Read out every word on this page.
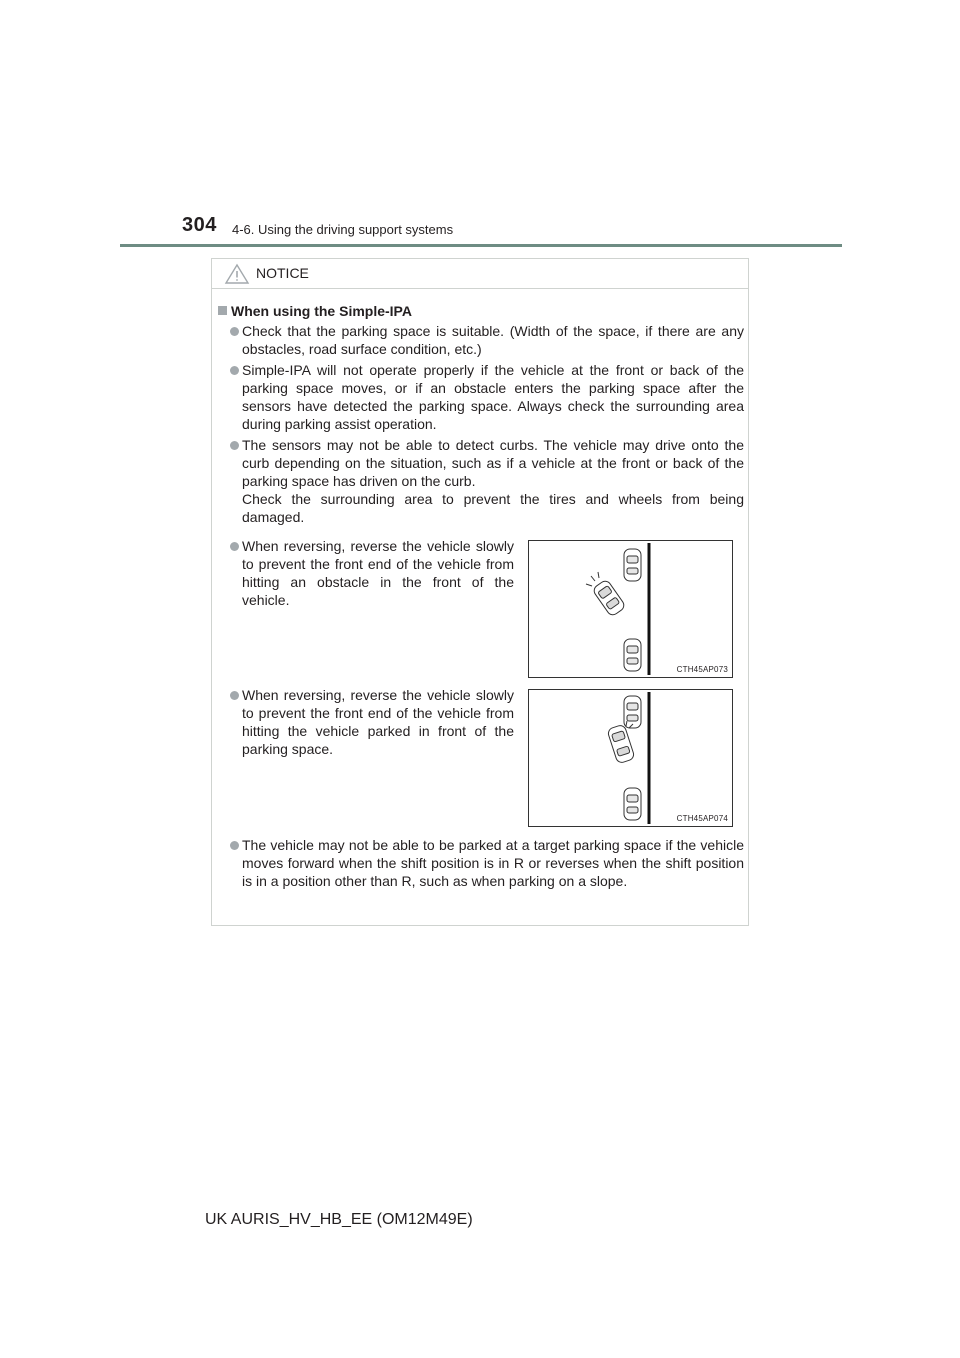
304 4-6. Using the driving support systems
NOTICE
When using the Simple-IPA

Check that the parking space is suitable. (Width of the space, if there are any obstacles, road surface condition, etc.)

Simple-IPA will not operate properly if the vehicle at the front or back of the parking space moves, or if an obstacle enters the parking space after the sensors have detected the parking space. Always check the surrounding area during parking assist operation.

The sensors may not be able to detect curbs. The vehicle may drive onto the curb depending on the situation, such as if a vehicle at the front or back of the parking space has driven on the curb.

Check the surrounding area to prevent the tires and wheels from being damaged.

When reversing, reverse the vehicle slowly to prevent the front end of the vehicle from hitting an obstacle in the front of the vehicle.

CTH45AP073

When reversing, reverse the vehicle slowly to prevent the front end of the vehicle from hitting the vehicle parked in front of the parking space.

CTH45AP074

The vehicle may not be able to be parked at a target parking space if the vehicle moves forward when the shift position is in R or reverses when the shift position is in a position other than R, such as when parking on a slope.

UK AURIS_HV_HB_EE (OM12M49E)
